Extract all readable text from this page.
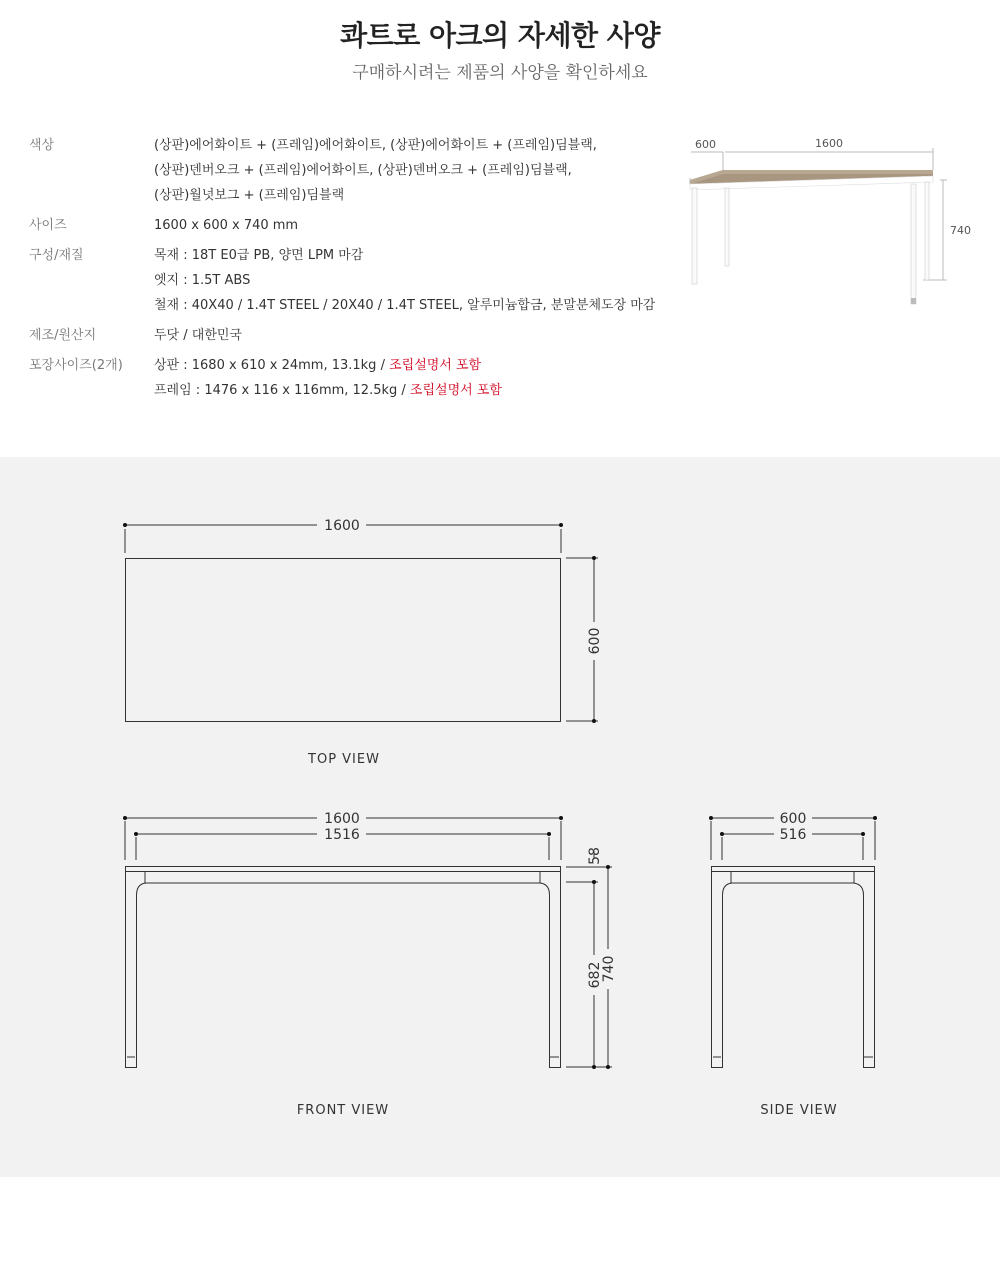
콰트로 아크의 자세한 사양
구매하시려는 제품의 사양을 확인하세요
색상	(상판)에어화이트 + (프레임)에어화이트, (상판)에어화이트 + (프레임)딤블랙,
(상판)덴버오크 + (프레임)에어화이트, (상판)덴버오크 + (프레임)딤블랙,
(상판)월넛보그 + (프레임)딤블랙
사이즈	1600 x 600 x 740 mm
구성/재질	목재 : 18T E0급 PB, 양면 LPM 마감
엣지 : 1.5T ABS
철재 : 40X40 / 1.4T STEEL / 20X40 / 1.4T STEEL, 알루미늄합금, 분말분체도장 마감
제조/원산지	두닷 / 대한민국
포장사이즈(2개)	상판 : 1680 x 610 x 24mm, 13.1kg / 조립설명서 포함
프레임 : 1476 x 116 x 116mm, 12.5kg / 조립설명서 포함
600	1600
740
1600
600
TOP VIEW
1600
1516
58
682
740
FRONT VIEW
600
516
SIDE VIEW
